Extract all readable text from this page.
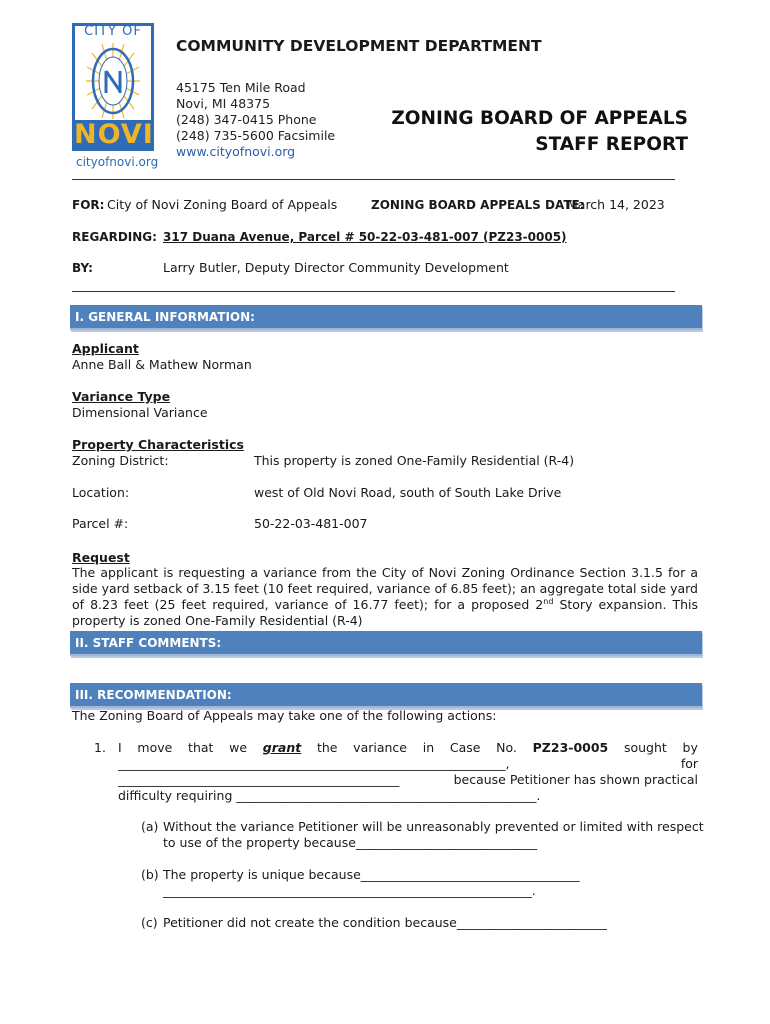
CITY OF
NOVI
cityofnovi.org
COMMUNITY DEVELOPMENT DEPARTMENT
45175 Ten Mile Road
Novi, MI 48375
(248) 347-0415 Phone
(248) 735-5600 Facsimile
www.cityofnovi.org
ZONING BOARD OF APPEALS
STAFF REPORT
FOR: City of Novi Zoning Board of Appeals	ZONING BOARD APPEALS DATE:
March 14, 2023
REGARDING: 317 Duana Avenue, Parcel # 50-22-03-481-007 (PZ23-0005)
BY:	Larry Butler, Deputy Director Community Development
I. GENERAL INFORMATION:
Applicant
Anne Ball & Mathew Norman
Variance Type
Dimensional Variance
Property Characteristics
Zoning District:	This property is zoned One-Family Residential (R-4)
Location:	west of Old Novi Road, south of South Lake Drive
Parcel #:	50-22-03-481-007
Request
The applicant is requesting a variance from the City of Novi Zoning Ordinance Section 3.1.5 for a side yard setback of 3.15 feet (10 feet required, variance of 6.85 feet); an aggregate total side yard of 8.23 feet (25 feet required, variance of 16.77 feet); for a proposed 2nd Story expansion. This property is zoned One-Family Residential (R-4)
II. STAFF COMMENTS:
III. RECOMMENDATION:
The Zoning Board of Appeals may take one of the following actions:
1. I move that we grant the variance in Case No. PZ23-0005 sought by
______________________________________________________________,	for
_____________________________________________	because Petitioner has shown practical
difficulty requiring ________________________________________________.
(a) Without the variance Petitioner will be unreasonably prevented or limited with respect
to use of the property because_____________________________
(b) The property is unique because___________________________________
___________________________________________________________.
(c) Petitioner did not create the condition because________________________
